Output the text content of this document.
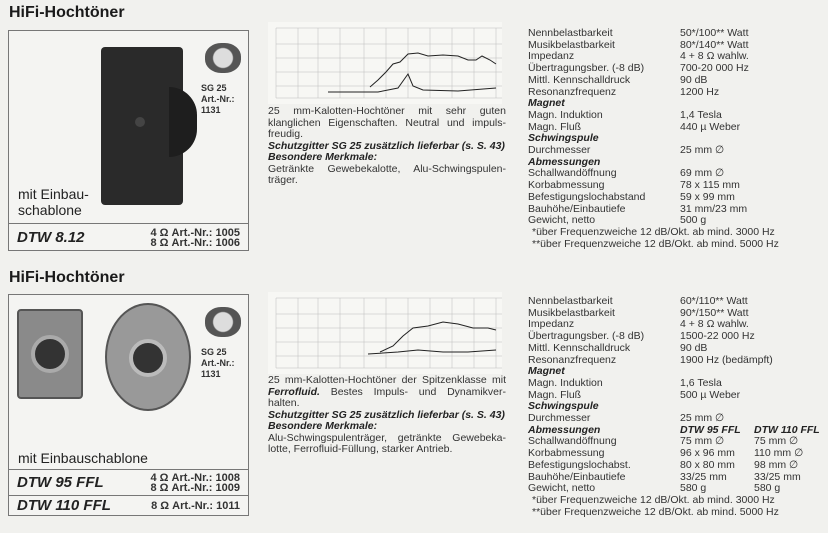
HiFi-Hochtöner
SG 25
Art.-Nr.: 1131
mit Einbau-
schablone
DTW 8.12	4 Ω Art.-Nr.: 1005
8 Ω Art.-Nr.: 1006
25 mm-Kalotten-Hochtöner mit sehr guten klanglichen Eigenschaften. Neutral und impuls-freudig.
Schutzgitter SG 25 zusätzlich lieferbar (s. S. 43)
Besondere Merkmale:
Getränkte Gewebekalotte, Alu-Schwingspulen-träger.
Nennbelastbarkeit	50*/100** Watt
Musikbelastbarkeit	80*/140** Watt
Impedanz	4 + 8 Ω wahlw.
Übertragungsber. (-8 dB)	700-20 000 Hz
Mittl. Kennschalldruck	90 dB
Resonanzfrequenz	1200 Hz
Magnet
Magn. Induktion	1,4 Tesla
Magn. Fluß	440 µ Weber
Schwingspule
Durchmesser	25 mm ∅
Abmessungen
Schallwandöffnung	69 mm ∅
Korbabmessung	78 x 115 mm
Befestigungslochabstand	59 x 99 mm
Bauhöhe/Einbautiefe	31 mm/23 mm
Gewicht, netto	500 g
*über Frequenzweiche 12 dB/Okt. ab mind. 3000 Hz
**über Frequenzweiche 12 dB/Okt. ab mind. 5000 Hz
HiFi-Hochtöner
SG 25
Art.-Nr.: 1131
mit Einbauschablone
DTW 95 FFL	4 Ω Art.-Nr.: 1008
8 Ω Art.-Nr.: 1009
DTW 110 FFL	8 Ω Art.-Nr.: 1011
25 mm-Kalotten-Hochtöner der Spitzenklasse mit Ferrofluid. Bestes Impuls- und Dynamikver-halten.
Schutzgitter SG 25 zusätzlich lieferbar (s. S. 43)
Besondere Merkmale:
Alu-Schwingspulenträger, getränkte Gewebeka-lotte, Ferrofluid-Füllung, starker Antrieb.
Nennbelastbarkeit	60*/110** Watt
Musikbelastbarkeit	90*/150** Watt
Impedanz	4 + 8 Ω wahlw.
Übertragungsber. (-8 dB)	1500-22 000 Hz
Mittl. Kennschalldruck	90 dB
Resonanzfrequenz	1900 Hz (bedämpft)
Magnet
Magn. Induktion	1,6 Tesla
Magn. Fluß	500 µ Weber
Schwingspule
Durchmesser	25 mm ∅
Abmessungen	DTW 95 FFL	DTW 110 FFL
Schallwandöffnung	75 mm ∅	75 mm ∅
Korbabmessung	96 x 96 mm	110 mm ∅
Befestigungslochabst.	80 x 80 mm	98 mm ∅
Bauhöhe/Einbautiefe	33/25 mm	33/25 mm
Gewicht, netto	580 g	580 g
*über Frequenzweiche 12 dB/Okt. ab mind. 3000 Hz
**über Frequenzweiche 12 dB/Okt. ab mind. 5000 Hz
